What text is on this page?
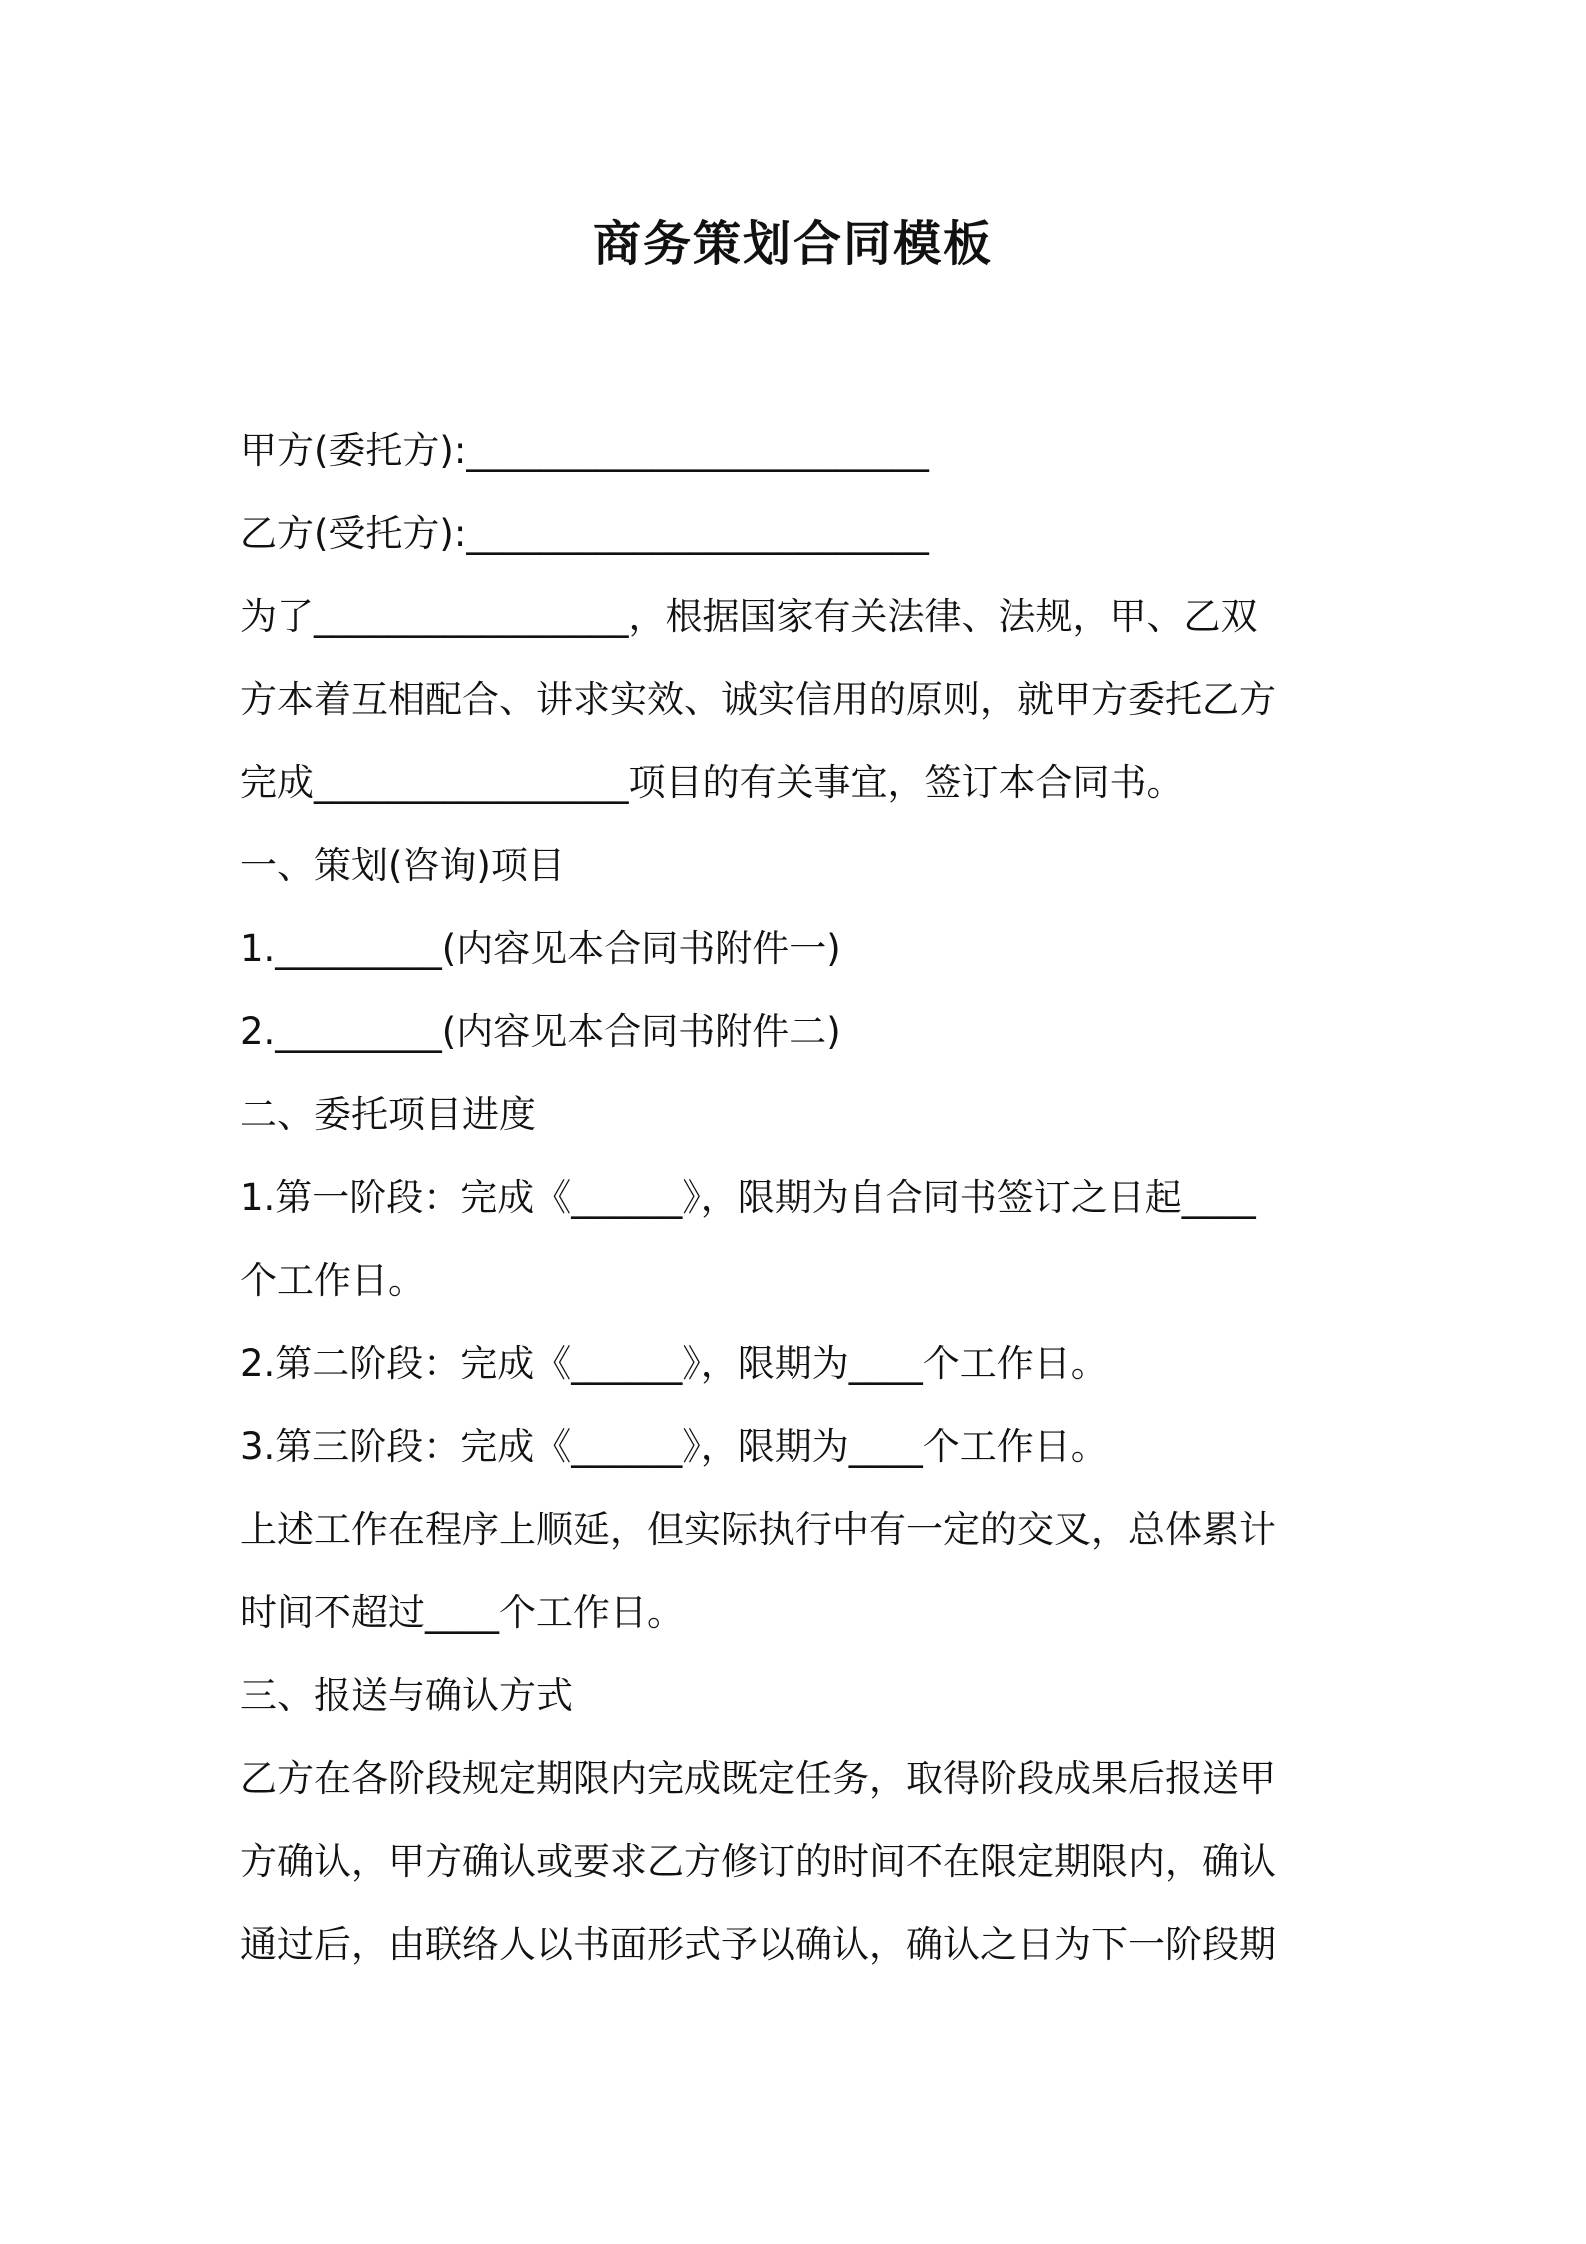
商务策划合同模板
甲方(委托方):_________________________
乙方(受托方):_________________________
为了_________________，根据国家有关法律、法规，甲、乙双
方本着互相配合、讲求实效、诚实信用的原则，就甲方委托乙方
完成_________________项目的有关事宜，签订本合同书。
一、策划(咨询)项目
1._________(内容见本合同书附件一)
2._________(内容见本合同书附件二)
二、委托项目进度
1.第一阶段：完成《______》，限期为自合同书签订之日起____
个工作日。
2.第二阶段：完成《______》，限期为____个工作日。
3.第三阶段：完成《______》，限期为____个工作日。
上述工作在程序上顺延，但实际执行中有一定的交叉，总体累计
时间不超过____个工作日。
三、报送与确认方式
乙方在各阶段规定期限内完成既定任务，取得阶段成果后报送甲
方确认，甲方确认或要求乙方修订的时间不在限定期限内，确认
通过后，由联络人以书面形式予以确认，确认之日为下一阶段期
